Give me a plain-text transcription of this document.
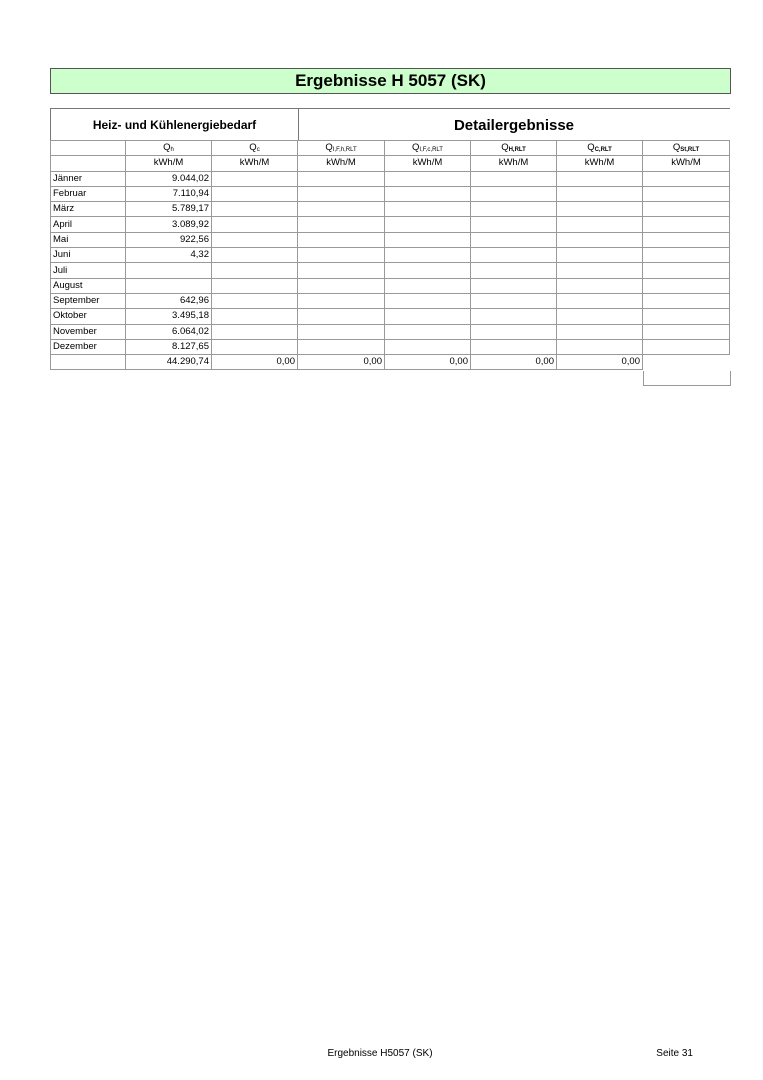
Ergebnisse H 5057 (SK)
Heiz- und Kühlenergiebedarf	Detailergebnisse
	$Q_h$	$Q_c$	$Q_{I,F,h,RLT}$	$Q_{I,F,c,RLT}$	$Q_{H,RLT}$	$Q_{C,RLT}$	$Q_{St,RLT}$
	kWh/M	kWh/M	kWh/M	kWh/M	kWh/M	kWh/M	kWh/M
Jänner	9.044,02						
Februar	7.110,94						
März	5.789,17						
April	3.089,92						
Mai	922,56						
Juni	4,32						
Juli							
August							
September	642,96						
Oktober	3.495,18						
November	6.064,02						
Dezember	8.127,65						
	44.290,74	0,00	0,00	0,00	0,00	0,00	
Ergebnisse H5057 (SK)	Seite 31
